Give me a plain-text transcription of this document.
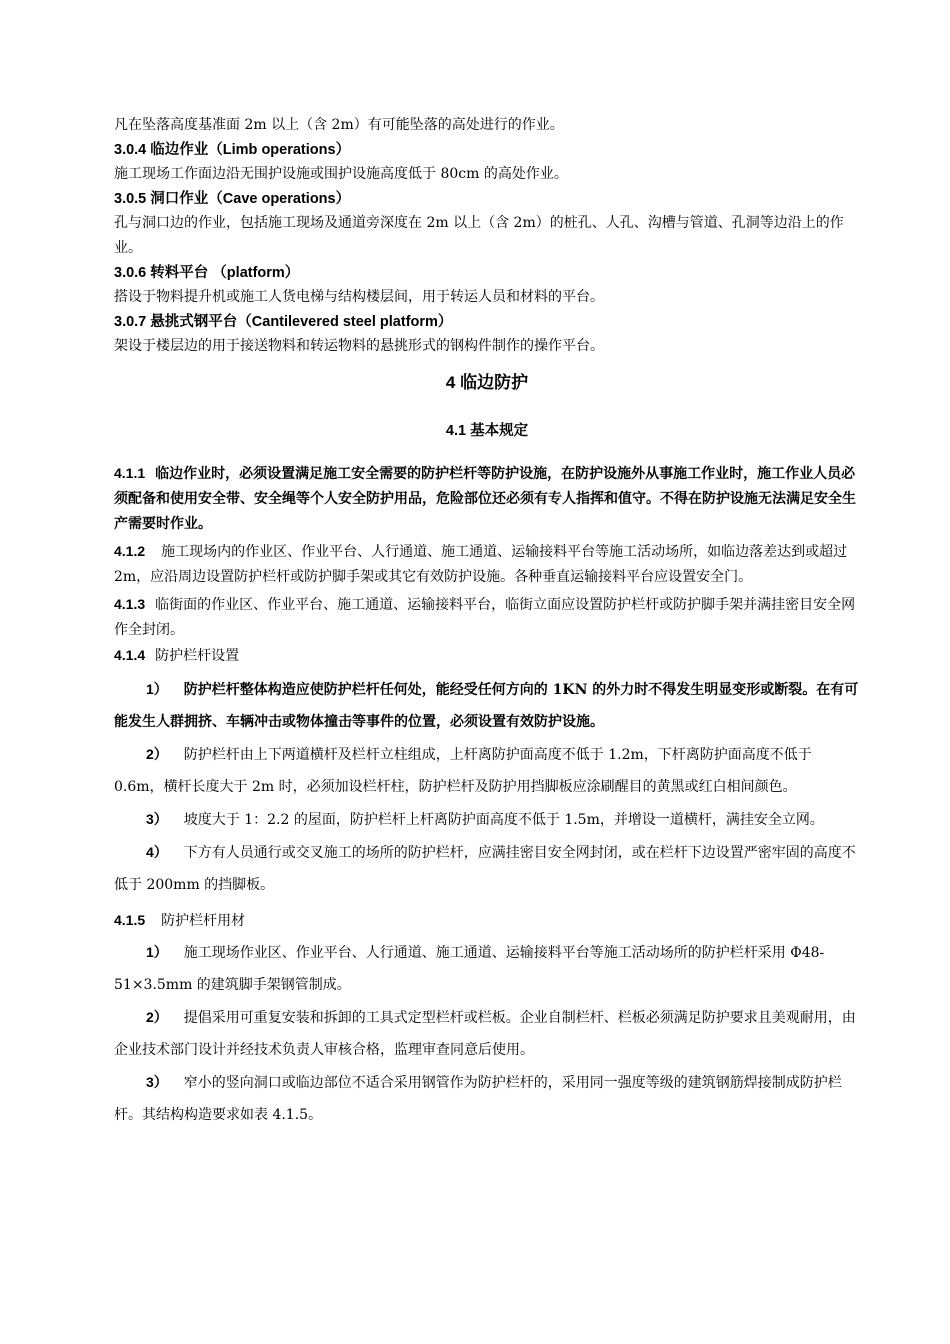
凡在坠落高度基准面 2m 以上（含 2m）有可能坠落的高处进行的作业。

3.0.4 临边作业（Limb operations）

施工现场工作面边沿无围护设施或围护设施高度低于 80cm 的高处作业。

3.0.5 洞口作业（Cave operations）

孔与洞口边的作业，包括施工现场及通道旁深度在 2m 以上（含 2m）的桩孔、人孔、沟槽与管道、孔洞等边沿上的作业。

3.0.6 转料平台 （platform）

搭设于物料提升机或施工人货电梯与结构楼层间，用于转运人员和材料的平台。

3.0.7 悬挑式钢平台（Cantilevered steel platform）

架设于楼层边的用于接送物料和转运物料的悬挑形式的钢构件制作的操作平台。

4 临边防护

4.1 基本规定

4.1.1 临边作业时，必须设置满足施工安全需要的防护栏杆等防护设施，在防护设施外从事施工作业时，施工作业人员必须配备和使用安全带、安全绳等个人安全防护用品，危险部位还必须有专人指挥和值守。不得在防护设施无法满足安全生产需要时作业。

4.1.2 施工现场内的作业区、作业平台、人行通道、施工通道、运输接料平台等施工活动场所，如临边落差达到或超过 2m，应沿周边设置防护栏杆或防护脚手架或其它有效防护设施。各种垂直运输接料平台应设置安全门。

4.1.3 临街面的作业区、作业平台、施工通道、运输接料平台，临街立面应设置防护栏杆或防护脚手架并满挂密目安全网作全封闭。

4.1.4 防护栏杆设置

1） 防护栏杆整体构造应使防护栏杆任何处，能经受任何方向的 1KN 的外力时不得发生明显变形或断裂。在有可能发生人群拥挤、车辆冲击或物体撞击等事件的位置，必须设置有效防护设施。

2） 防护栏杆由上下两道横杆及栏杆立柱组成，上杆离防护面高度不低于 1.2m，下杆离防护面高度不低于 0.6m，横杆长度大于 2m 时，必须加设栏杆柱，防护栏杆及防护用挡脚板应涂刷醒目的黄黑或红白相间颜色。

3） 坡度大于 1：2.2 的屋面，防护栏杆上杆离防护面高度不低于 1.5m，并增设一道横杆，满挂安全立网。

4） 下方有人员通行或交叉施工的场所的防护栏杆，应满挂密目安全网封闭，或在栏杆下边设置严密牢固的高度不低于 200mm 的挡脚板。

4.1.5 防护栏杆用材

1） 施工现场作业区、作业平台、人行通道、施工通道、运输接料平台等施工活动场所的防护栏杆采用 Φ48-51×3.5mm 的建筑脚手架钢管制成。

2） 提倡采用可重复安装和拆卸的工具式定型栏杆或栏板。企业自制栏杆、栏板必须满足防护要求且美观耐用，由企业技术部门设计并经技术负责人审核合格，监理审查同意后使用。

3） 窄小的竖向洞口或临边部位不适合采用钢管作为防护栏杆的，采用同一强度等级的建筑钢筋焊接制成防护栏杆。其结构构造要求如表 4.1.5。
